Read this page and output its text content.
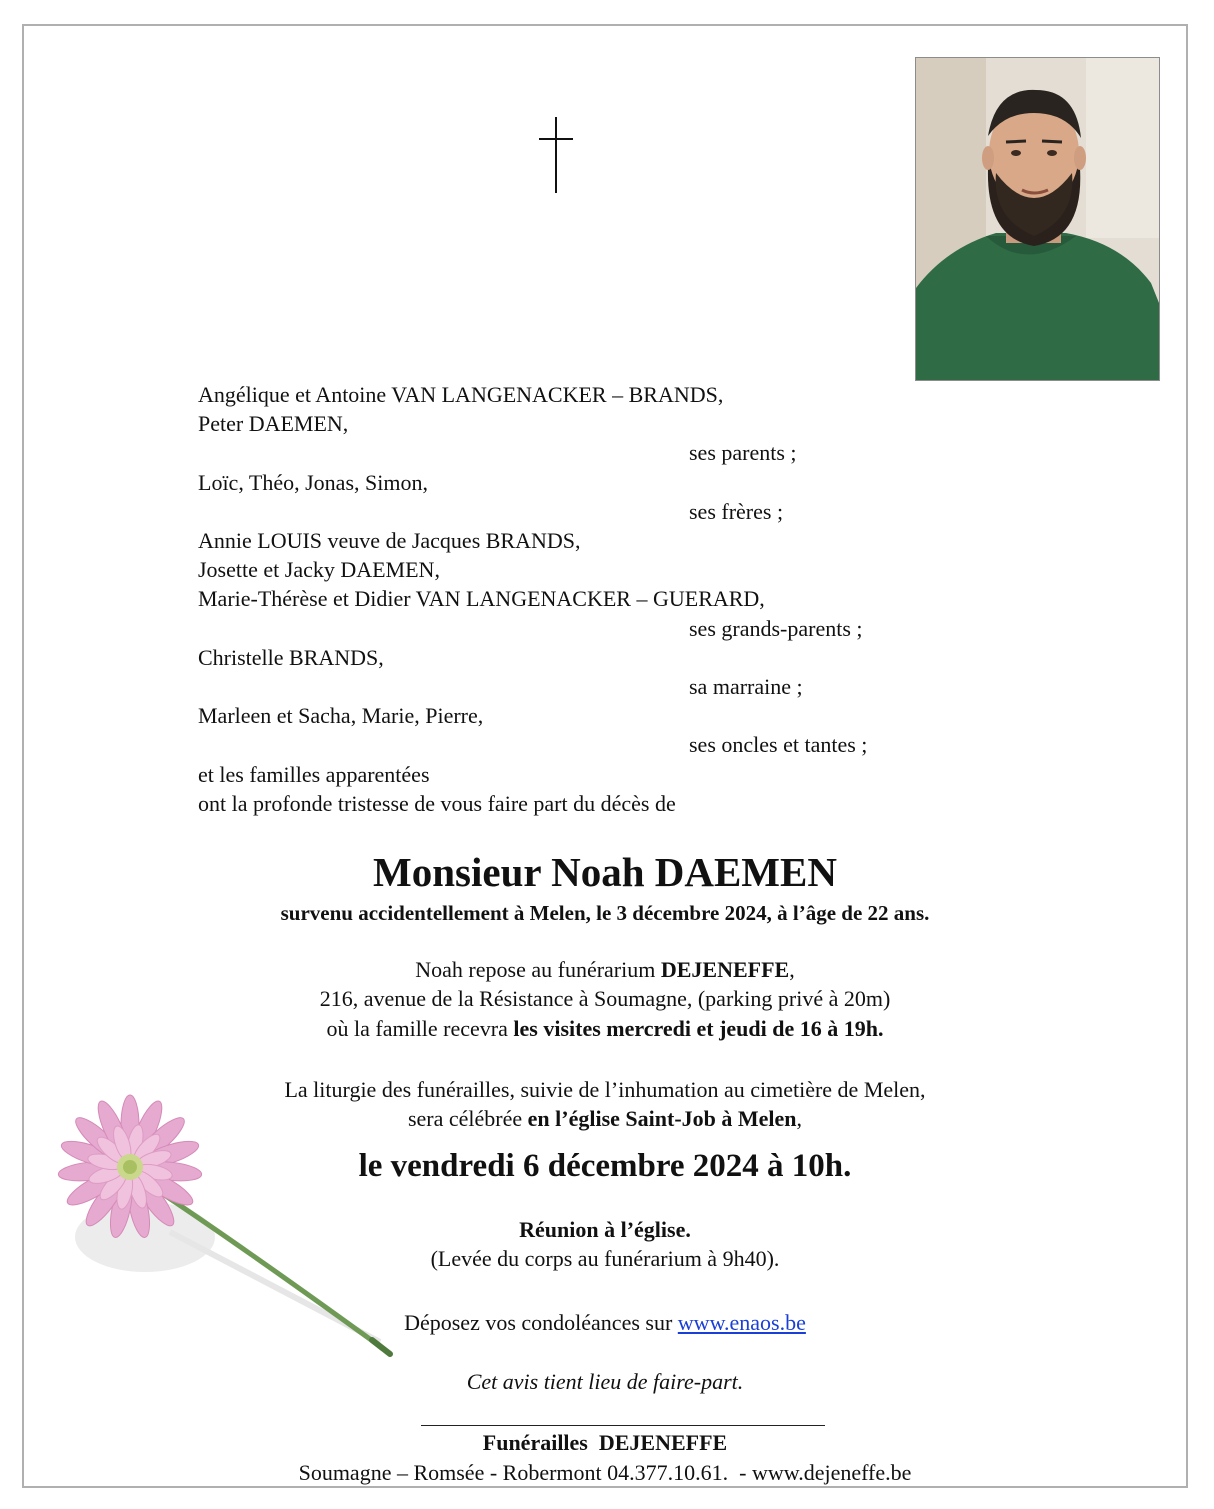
Angélique et Antoine VAN LANGENACKER – BRANDS,
Peter DAEMEN,
ses parents ;
Loïc, Théo, Jonas, Simon,
ses frères ;
Annie LOUIS veuve de Jacques BRANDS,
Josette et Jacky DAEMEN,
Marie-Thérèse et Didier VAN LANGENACKER – GUERARD,
ses grands-parents ;
Christelle BRANDS,
sa marraine ;
Marleen et Sacha, Marie, Pierre,
ses oncles et tantes ;
et les familles apparentées
ont la profonde tristesse de vous faire part du décès de
Monsieur Noah DAEMEN
survenu accidentellement à Melen, le 3 décembre 2024, à l’âge de 22 ans.
Noah repose au funérarium DEJENEFFE,
216, avenue de la Résistance à Soumagne, (parking privé à 20m)
où la famille recevra les visites mercredi et jeudi de 16 à 19h.
La liturgie des funérailles, suivie de l’inhumation au cimetière de Melen,
sera célébrée en l’église Saint-Job à Melen,
le vendredi 6 décembre 2024 à 10h.
Réunion à l’église.
(Levée du corps au funérarium à 9h40).
Déposez vos condoléances sur www.enaos.be
Cet avis tient lieu de faire-part.
Funérailles  DEJENEFFE
Soumagne – Romsée - Robermont 04.377.10.61.  - www.dejeneffe.be
